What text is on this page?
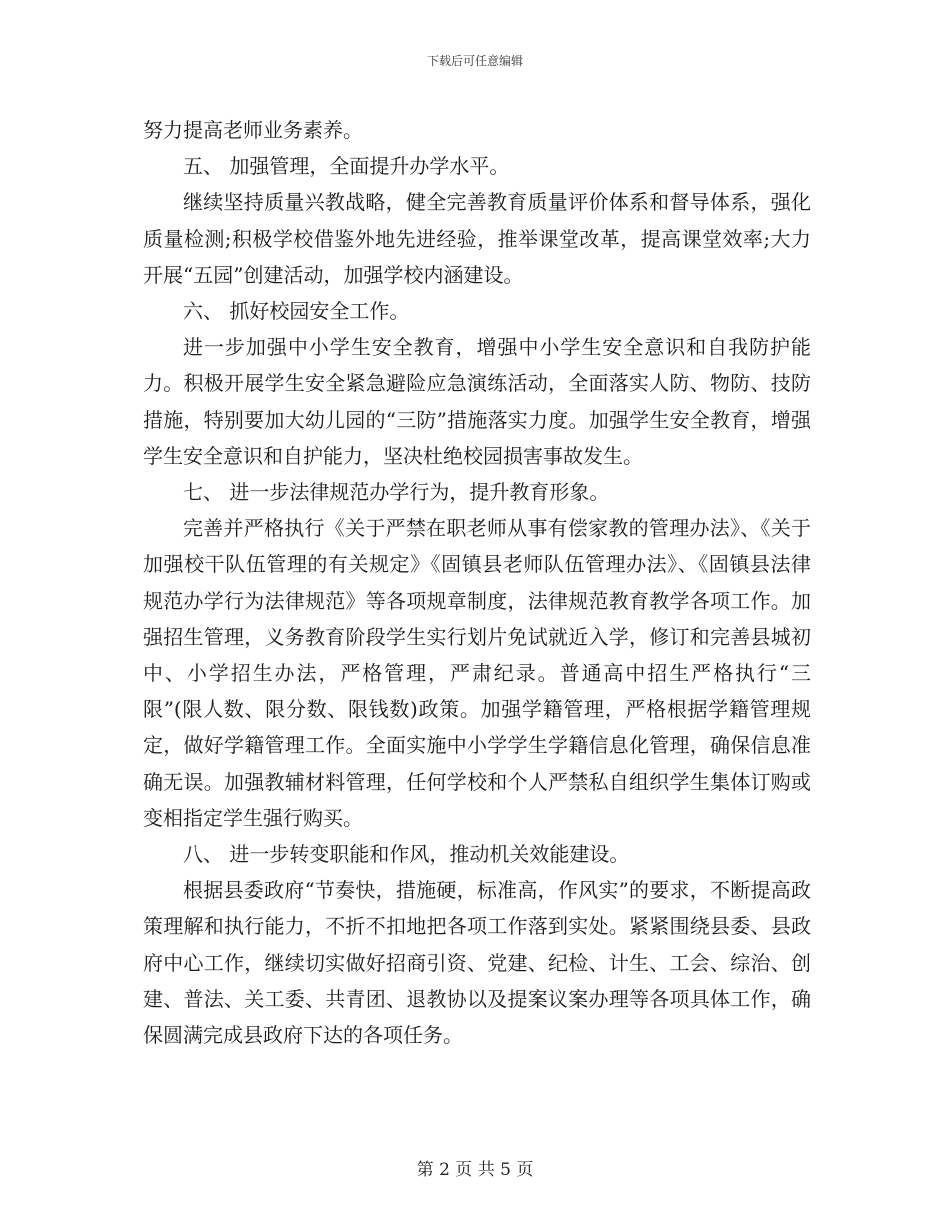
下载后可任意编辑

努力提高老师业务素养。

五、 加强管理，全面提升办学水平。

继续坚持质量兴教战略，健全完善教育质量评价体系和督导体系，强化质量检测;积极学校借鉴外地先进经验，推举课堂改革，提高课堂效率;大力开展“五园”创建活动，加强学校内涵建设。

六、 抓好校园安全工作。

进一步加强中小学生安全教育，增强中小学生安全意识和自我防护能力。积极开展学生安全紧急避险应急演练活动，全面落实人防、物防、技防措施，特别要加大幼儿园的“三防”措施落实力度。加强学生安全教育，增强学生安全意识和自护能力，坚决杜绝校园损害事故发生。

七、 进一步法律规范办学行为，提升教育形象。

完善并严格执行《关于严禁在职老师从事有偿家教的管理办法》、《关于加强校干队伍管理的有关规定》《固镇县老师队伍管理办法》、《固镇县法律规范办学行为法律规范》等各项规章制度，法律规范教育教学各项工作。加强招生管理，义务教育阶段学生实行划片免试就近入学，修订和完善县城初中、小学招生办法，严格管理，严肃纪录。普通高中招生严格执行“三限”(限人数、限分数、限钱数)政策。加强学籍管理，严格根据学籍管理规定，做好学籍管理工作。全面实施中小学学生学籍信息化管理，确保信息准确无误。加强教辅材料管理，任何学校和个人严禁私自组织学生集体订购或变相指定学生强行购买。

八、 进一步转变职能和作风，推动机关效能建设。

根据县委政府“节奏快，措施硬，标准高，作风实”的要求，不断提高政策理解和执行能力，不折不扣地把各项工作落到实处。紧紧围绕县委、县政府中心工作，继续切实做好招商引资、党建、纪检、计生、工会、综治、创建、普法、关工委、共青团、退教协以及提案议案办理等各项具体工作，确保圆满完成县政府下达的各项任务。

第 2 页 共 5 页
